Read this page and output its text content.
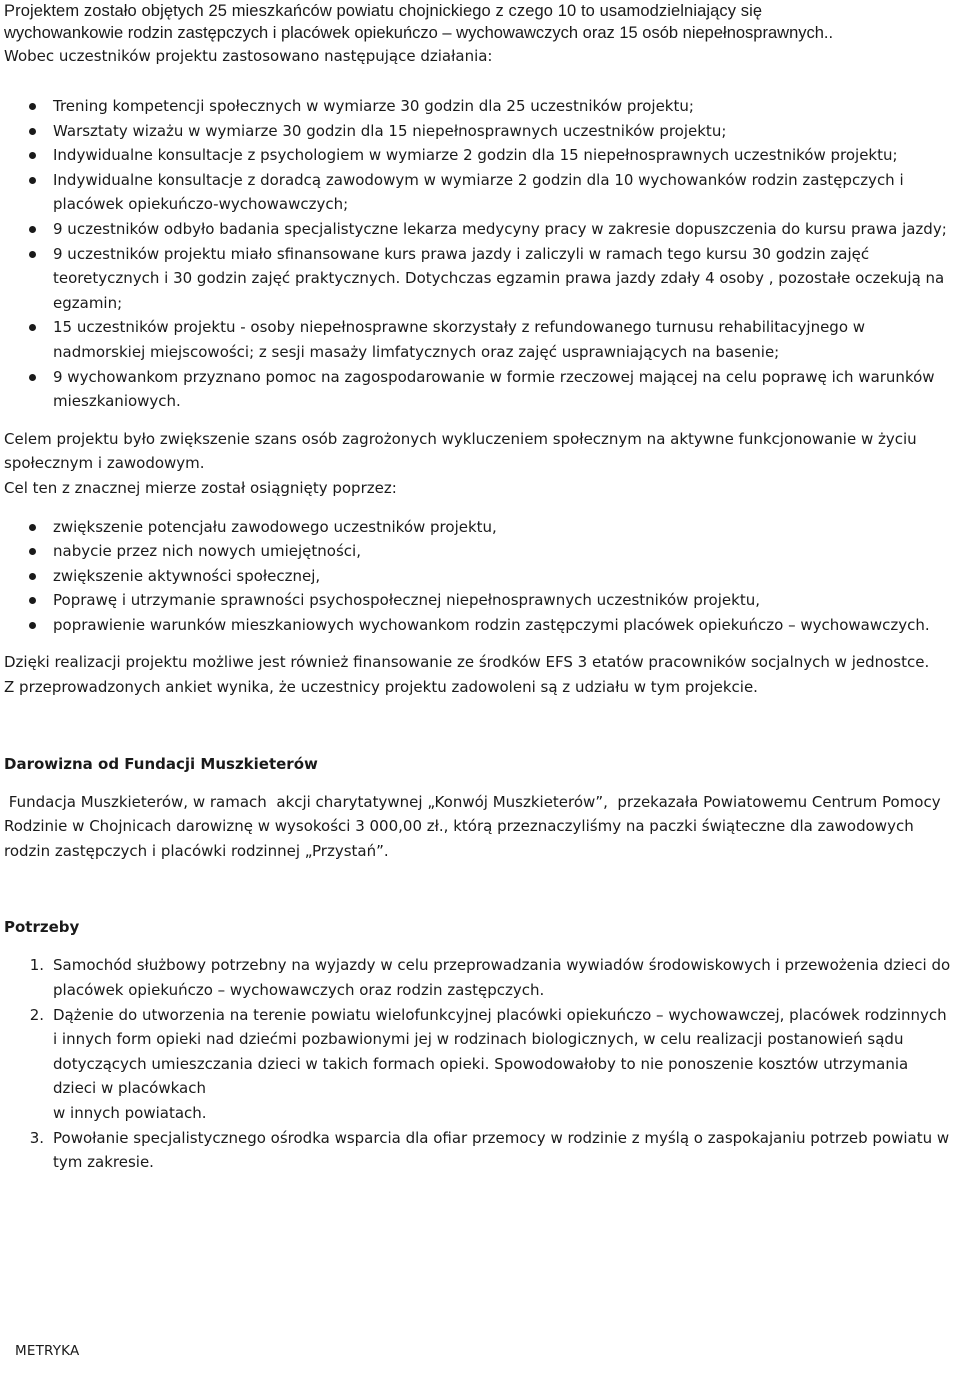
Projektem zostało objętych 25 mieszkańców powiatu chojnickiego z czego 10 to usamodzielniający się

wychowankowie rodzin zastępczych i placówek opiekuńczo – wychowawczych oraz 15 osób niepełnosprawnych..

Wobec uczestników projektu zastosowano następujące działania:

Trening kompetencji społecznych w wymiarze 30 godzin dla 25 uczestników projektu;
Warsztaty wizażu w wymiarze 30 godzin dla 15 niepełnosprawnych uczestników projektu;
Indywidualne konsultacje z psychologiem w wymiarze 2 godzin dla 15 niepełnosprawnych uczestników projektu;
Indywidualne konsultacje z doradcą zawodowym w wymiarze 2 godzin dla 10 wychowanków rodzin zastępczych i placówek opiekuńczo-wychowawczych;
9 uczestników odbyło badania specjalistyczne lekarza medycyny pracy w zakresie dopuszczenia do kursu prawa jazdy;
9 uczestników projektu miało sfinansowane kurs prawa jazdy i zaliczyli w ramach tego kursu 30 godzin zajęć teoretycznych i 30 godzin zajęć praktycznych. Dotychczas egzamin prawa jazdy zdały 4 osoby , pozostałe oczekują na egzamin;
15 uczestników projektu - osoby niepełnosprawne skorzystały z refundowanego turnusu rehabilitacyjnego w nadmorskiej miejscowości; z sesji masaży limfatycznych oraz zajęć usprawniających na basenie;
9 wychowankom przyznano pomoc na zagospodarowanie w formie rzeczowej mającej na celu poprawę ich warunków mieszkaniowych.

Celem projektu było zwiększenie szans osób zagrożonych wykluczeniem społecznym na aktywne funkcjonowanie w życiu społecznym i zawodowym.

Cel ten z znacznej mierze został osiągnięty poprzez:

zwiększenie potencjału zawodowego uczestników projektu,
nabycie przez nich nowych umiejętności,
zwiększenie aktywności społecznej,
Poprawę i utrzymanie sprawności psychospołecznej niepełnosprawnych uczestników projektu,
poprawienie warunków mieszkaniowych wychowankom rodzin zastępczymi placówek opiekuńczo – wychowawczych.

Dzięki realizacji projektu możliwe jest również finansowanie ze środków EFS 3 etatów pracowników socjalnych w jednostce.

Z przeprowadzonych ankiet wynika, że uczestnicy projektu zadowoleni są z udziału w tym projekcie.

Darowizna od Fundacji Muszkieterów

Fundacja Muszkieterów, w ramach  akcji charytatywnej „Konwój Muszkieterów”,  przekazała Powiatowemu Centrum Pomocy Rodzinie w Chojnicach darowiznę w wysokości 3 000,00 zł., którą przeznaczyliśmy na paczki świąteczne dla zawodowych rodzin zastępczych i placówki rodzinnej „Przystań”.

Potrzeby

1. Samochód służbowy potrzebny na wyjazdy w celu przeprowadzania wywiadów środowiskowych i przewożenia dzieci do placówek opiekuńczo – wychowawczych oraz rodzin zastępczych.
2. Dążenie do utworzenia na terenie powiatu wielofunkcyjnej placówki opiekuńczo – wychowawczej, placówek rodzinnych i innych form opieki nad dziećmi pozbawionymi jej w rodzinach biologicznych, w celu realizacji postanowień sądu dotyczących umieszczania dzieci w takich formach opieki. Spowodowałoby to nie ponoszenie kosztów utrzymania dzieci w placówkach
w innych powiatach.
3. Powołanie specjalistycznego ośrodka wsparcia dla ofiar przemocy w rodzinie z myślą o zaspokajaniu potrzeb powiatu w tym zakresie.
METRYKA
